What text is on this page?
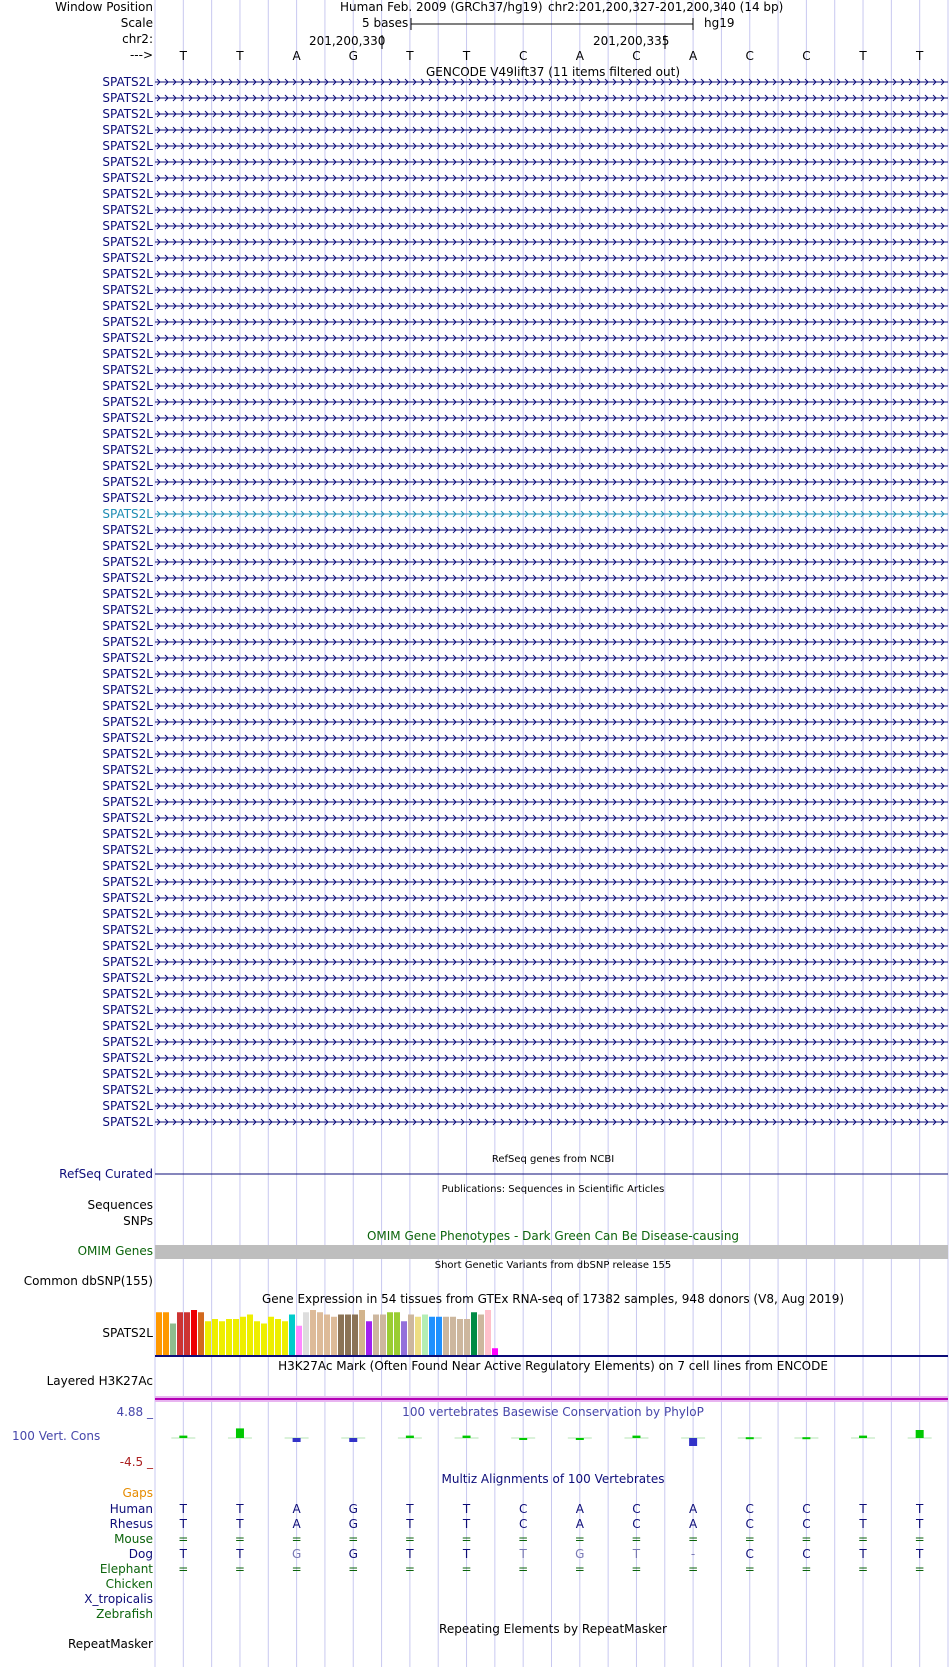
Window Position
Scale
chr2:
--->
Human Feb. 2009 (GRCh37/hg19) chr2:201,200,327-201,200,340 (14 bp)
5 bases	hg19
201,200,330	201,200,335
T	T	A	G	T	T	C	A	C	A	C	C	T	T
GENCODE V49lift37 (11 items filtered out)
SPATS2L
SPATS2L
SPATS2L
SPATS2L
SPATS2L
SPATS2L
SPATS2L
SPATS2L
SPATS2L
SPATS2L
SPATS2L
SPATS2L
SPATS2L
SPATS2L
SPATS2L
SPATS2L
SPATS2L
SPATS2L
SPATS2L
SPATS2L
SPATS2L
SPATS2L
SPATS2L
SPATS2L
SPATS2L
SPATS2L
SPATS2L
SPATS2L
SPATS2L
SPATS2L
SPATS2L
SPATS2L
SPATS2L
SPATS2L
SPATS2L
SPATS2L
SPATS2L
SPATS2L
SPATS2L
SPATS2L
SPATS2L
SPATS2L
SPATS2L
SPATS2L
SPATS2L
SPATS2L
SPATS2L
SPATS2L
SPATS2L
SPATS2L
SPATS2L
SPATS2L
SPATS2L
SPATS2L
SPATS2L
SPATS2L
SPATS2L
SPATS2L
SPATS2L
SPATS2L
SPATS2L
SPATS2L
SPATS2L
SPATS2L
SPATS2L
SPATS2L
RefSeq genes from NCBI
RefSeq Curated
Publications: Sequences in Scientific Articles
Sequences
SNPs
OMIM Gene Phenotypes - Dark Green Can Be Disease-causing
OMIM Genes
Short Genetic Variants from dbSNP release 155
Common dbSNP(155)
Gene Expression in 54 tissues from GTEx RNA-seq of 17382 samples, 948 donors (V8, Aug 2019)
SPATS2L
H3K27Ac Mark (Often Found Near Active Regulatory Elements) on 7 cell lines from ENCODE
Layered H3K27Ac
4.88 _	100 vertebrates Basewise Conservation by PhyloP
100 Vert. Cons
-4.5 _
Multiz Alignments of 100 Vertebrates
Gaps
Human T	T	A	G	T	T	C	A	C	A	C	C	T	T
Rhesus T	T	A	G	T	T	C	A	C	A	C	C	T	T
Mouse =	=	=	=	=	=	=	=	=	=	=	=	=	=
Dog T	T	G	G	T	T	T	G	T	-	C	C	T	T
Elephant =	=	=	=	=	=	=	=	=	=	=	=	=	=
Chicken
X_tropicalis
Zebrafish
Repeating Elements by RepeatMasker
RepeatMasker
